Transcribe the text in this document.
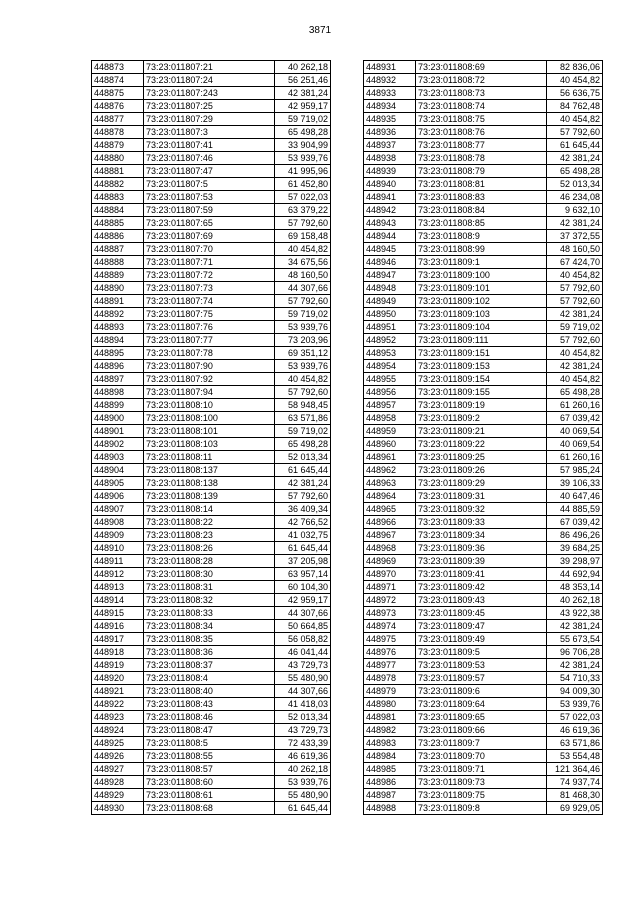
3871
448873	73:23:011807:21	40 262,18
448874	73:23:011807:24	56 251,46
448875	73:23:011807:243	42 381,24
448876	73:23:011807:25	42 959,17
448877	73:23:011807:29	59 719,02
448878	73:23:011807:3	65 498,28
448879	73:23:011807:41	33 904,99
448880	73:23:011807:46	53 939,76
448881	73:23:011807:47	41 995,96
448882	73:23:011807:5	61 452,80
448883	73:23:011807:53	57 022,03
448884	73:23:011807:59	63 379,22
448885	73:23:011807:65	57 792,60
448886	73:23:011807:69	69 158,48
448887	73:23:011807:70	40 454,82
448888	73:23:011807:71	34 675,56
448889	73:23:011807:72	48 160,50
448890	73:23:011807:73	44 307,66
448891	73:23:011807:74	57 792,60
448892	73:23:011807:75	59 719,02
448893	73:23:011807:76	53 939,76
448894	73:23:011807:77	73 203,96
448895	73:23:011807:78	69 351,12
448896	73:23:011807:90	53 939,76
448897	73:23:011807:92	40 454,82
448898	73:23:011807:94	57 792,60
448899	73:23:011808:10	58 948,45
448900	73:23:011808:100	63 571,86
448901	73:23:011808:101	59 719,02
448902	73:23:011808:103	65 498,28
448903	73:23:011808:11	52 013,34
448904	73:23:011808:137	61 645,44
448905	73:23:011808:138	42 381,24
448906	73:23:011808:139	57 792,60
448907	73:23:011808:14	36 409,34
448908	73:23:011808:22	42 766,52
448909	73:23:011808:23	41 032,75
448910	73:23:011808:26	61 645,44
448911	73:23:011808:28	37 205,98
448912	73:23:011808:30	63 957,14
448913	73:23:011808:31	60 104,30
448914	73:23:011808:32	42 959,17
448915	73:23:011808:33	44 307,66
448916	73:23:011808:34	50 664,85
448917	73:23:011808:35	56 058,82
448918	73:23:011808:36	46 041,44
448919	73:23:011808:37	43 729,73
448920	73:23:011808:4	55 480,90
448921	73:23:011808:40	44 307,66
448922	73:23:011808:43	41 418,03
448923	73:23:011808:46	52 013,34
448924	73:23:011808:47	43 729,73
448925	73:23:011808:5	72 433,39
448926	73:23:011808:55	46 619,36
448927	73:23:011808:57	40 262,18
448928	73:23:011808:60	53 939,76
448929	73:23:011808:61	55 480,90
448930	73:23:011808:68	61 645,44
448931	73:23:011808:69	82 836,06
448932	73:23:011808:72	40 454,82
448933	73:23:011808:73	56 636,75
448934	73:23:011808:74	84 762,48
448935	73:23:011808:75	40 454,82
448936	73:23:011808:76	57 792,60
448937	73:23:011808:77	61 645,44
448938	73:23:011808:78	42 381,24
448939	73:23:011808:79	65 498,28
448940	73:23:011808:81	52 013,34
448941	73:23:011808:83	46 234,08
448942	73:23:011808:84	9 632,10
448943	73:23:011808:85	42 381,24
448944	73:23:011808:9	37 372,55
448945	73:23:011808:99	48 160,50
448946	73:23:011809:1	67 424,70
448947	73:23:011809:100	40 454,82
448948	73:23:011809:101	57 792,60
448949	73:23:011809:102	57 792,60
448950	73:23:011809:103	42 381,24
448951	73:23:011809:104	59 719,02
448952	73:23:011809:111	57 792,60
448953	73:23:011809:151	40 454,82
448954	73:23:011809:153	42 381,24
448955	73:23:011809:154	40 454,82
448956	73:23:011809:155	65 498,28
448957	73:23:011809:19	61 260,16
448958	73:23:011809:2	67 039,42
448959	73:23:011809:21	40 069,54
448960	73:23:011809:22	40 069,54
448961	73:23:011809:25	61 260,16
448962	73:23:011809:26	57 985,24
448963	73:23:011809:29	39 106,33
448964	73:23:011809:31	40 647,46
448965	73:23:011809:32	44 885,59
448966	73:23:011809:33	67 039,42
448967	73:23:011809:34	86 496,26
448968	73:23:011809:36	39 684,25
448969	73:23:011809:39	39 298,97
448970	73:23:011809:41	44 692,94
448971	73:23:011809:42	48 353,14
448972	73:23:011809:43	40 262,18
448973	73:23:011809:45	43 922,38
448974	73:23:011809:47	42 381,24
448975	73:23:011809:49	55 673,54
448976	73:23:011809:5	96 706,28
448977	73:23:011809:53	42 381,24
448978	73:23:011809:57	54 710,33
448979	73:23:011809:6	94 009,30
448980	73:23:011809:64	53 939,76
448981	73:23:011809:65	57 022,03
448982	73:23:011809:66	46 619,36
448983	73:23:011809:7	63 571,86
448984	73:23:011809:70	53 554,48
448985	73:23:011809:71	121 364,46
448986	73:23:011809:73	74 937,74
448987	73:23:011809:75	81 468,30
448988	73:23:011809:8	69 929,05
